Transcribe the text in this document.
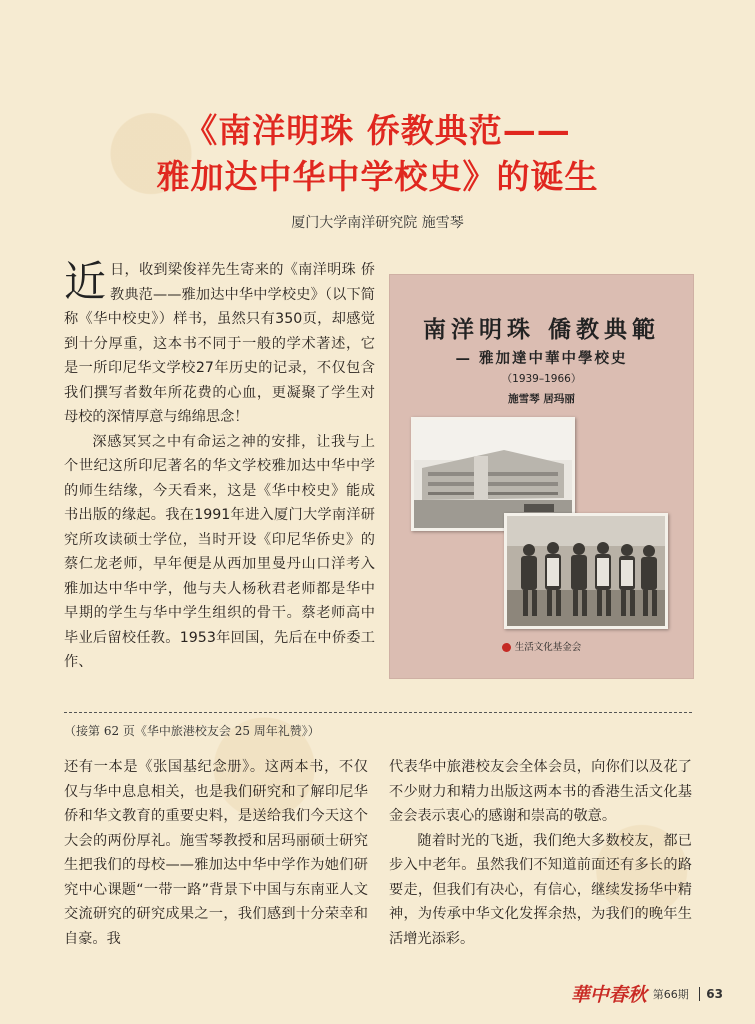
《南洋明珠 侨教典范——
雅加达中华中学校史》的诞生
厦门大学南洋研究院 施雪琴

近 日，收到梁俊祥先生寄来的《南洋明珠 侨教典范——雅加达中华中学校史》（以下简称《华中校史》）样书，虽然只有350页，却感觉到十分厚重，这本书不同于一般的学术著述，它是一所印尼华文学校27年历史的记录，不仅包含我们撰写者数年所花费的心血，更凝聚了学生对母校的深情厚意与绵绵思念！

深感冥冥之中有命运之神的安排，让我与上个世纪这所印尼著名的华文学校雅加达中华中学的师生结缘，今天看来，这是《华中校史》能成书出版的缘起。我在1991年进入厦门大学南洋研究所攻读硕士学位，当时开设《印尼华侨史》的蔡仁龙老师，早年便是从西加里曼丹山口洋考入雅加达中华中学，他与夫人杨秋君老师都是华中早期的学生与华中学生组织的骨干。蔡老师高中毕业后留校任教。1953年回国，先后在中侨委工作、

南洋明珠 僑教典範
— 雅加達中華中學校史
（1939–1966）
施雪琴 居玛丽
生活文化基金会
（接第 62 页《华中旅港校友会 25 周年礼赞》）

还有一本是《张国基纪念册》。这两本书，不仅仅与华中息息相关，也是我们研究和了解印尼华侨和华文教育的重要史料，是送给我们今天这个大会的两份厚礼。施雪琴教授和居玛丽硕士研究生把我们的母校——雅加达中华中学作为她们研究中心课题“一带一路”背景下中国与东南亚人文交流研究的研究成果之一，我们感到十分荣幸和自豪。我

代表华中旅港校友会全体会员，向你们以及花了不少财力和精力出版这两本书的香港生活文化基金会表示衷心的感谢和崇高的敬意。

随着时光的飞逝，我们绝大多数校友，都已步入中老年。虽然我们不知道前面还有多长的路要走，但我们有决心，有信心，继续发扬华中精神，为传承中华文化发挥余热，为我们的晚年生活增光添彩。

華中春秋 第66期 63
